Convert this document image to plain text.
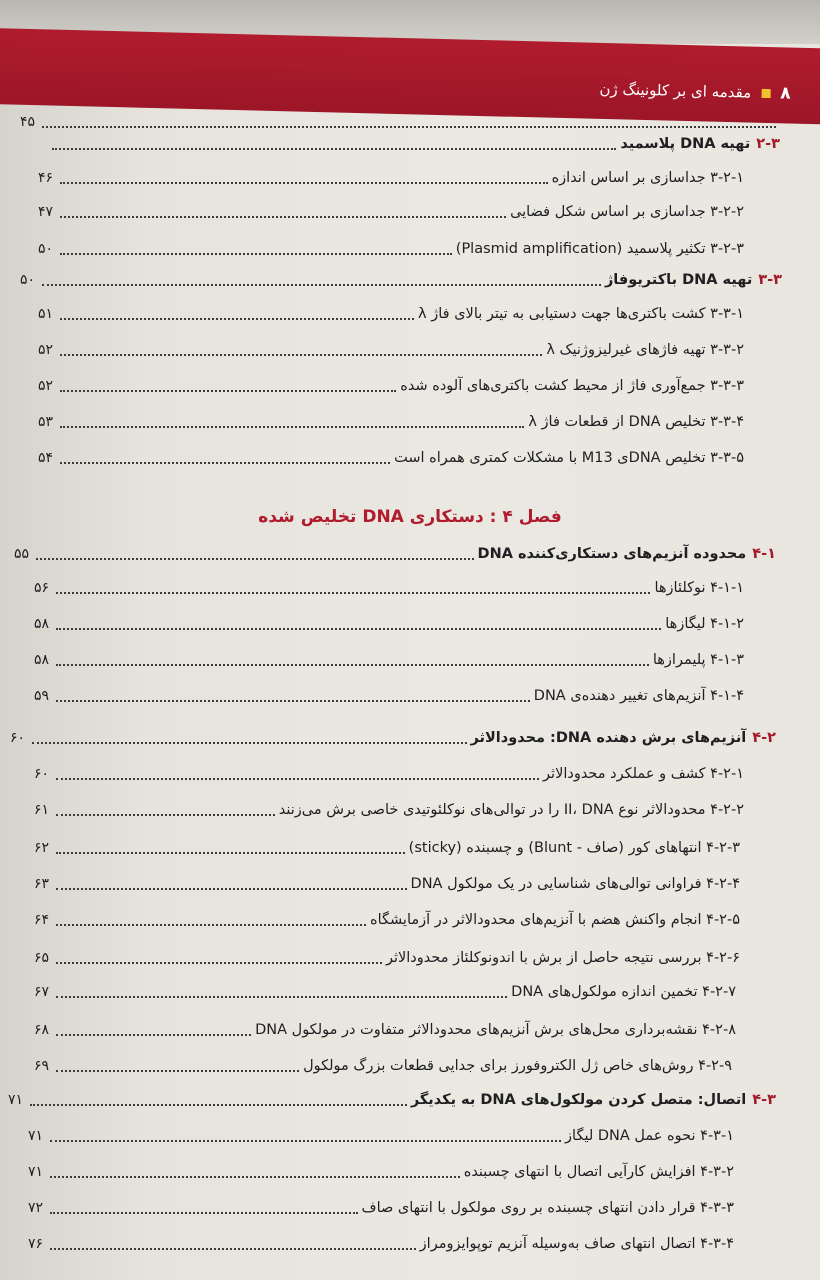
۸
مقدمه ای بر کلونینگ ژن
فصل ۴ : دستکاری DNA تخلیص شده
۴۵
۲-۳تهیه DNA پلاسمید
۳-۲-۱ جداسازی بر اساس اندازه
۴۶
۳-۲-۲ جداسازی بر اساس شکل فضایی
۴۷
۳-۲-۳ تکثیر پلاسمید (Plasmid amplification)
۵۰
۳-۳تهیه DNA باکتریوفاژ
۵۰
۳-۳-۱ کشت باکتری‌ها جهت دستیابی به تیتر بالای فاژ λ
۵۱
۳-۳-۲ تهیه فاژهای غیرلیزوژنیک λ
۵۲
۳-۳-۳ جمع‌آوری فاژ از محیط کشت باکتری‌های آلوده شده
۵۲
۳-۳-۴ تخلیص DNA از قطعات فاژ λ
۵۳
۳-۳-۵ تخلیص DNAی M13 با مشکلات کمتری همراه است
۵۴
۴-۱محدوده آنزیم‌های دستکاری‌کننده DNA
۵۵
۴-۱-۱ نوکلئازها
۵۶
۴-۱-۲ لیگازها
۵۸
۴-۱-۳ پلیمرازها
۵۸
۴-۱-۴ آنزیم‌های تغییر دهنده‌ی DNA
۵۹
۴-۲آنزیم‌های برش دهنده DNA: محدودالاثر
۶۰
۴-۲-۱ کشف و عملکرد محدودالاثر
۶۰
۴-۲-۲ محدودالاثر نوع II، DNA را در توالی‌های نوکلئوتیدی خاصی برش می‌زنند
۶۱
۴-۲-۳ انتهاهای کور (صاف - Blunt) و چسبنده (sticky)
۶۲
۴-۲-۴ فراوانی توالی‌های شناسایی در یک مولکول DNA
۶۳
۴-۲-۵ انجام واکنش هضم با آنزیم‌های محدودالاثر در آزمایشگاه
۶۴
۴-۲-۶ بررسی نتیجه حاصل از برش با اندونوکلئاز محدودالاثر
۶۵
۴-۲-۷ تخمین اندازه مولکول‌های DNA
۶۷
۴-۲-۸ نقشه‌برداری محل‌های برش آنزیم‌های محدودالاثر متفاوت در مولکول DNA
۶۸
۴-۲-۹ روش‌های خاص ژل الکتروفورز برای جدایی قطعات بزرگ مولکول
۶۹
۴-۳اتصال: متصل کردن مولکول‌های DNA به یکدیگر
۷۱
۴-۳-۱ نحوه عمل DNA لیگاز
۷۱
۴-۳-۲ افزایش کارآیی اتصال با انتهای چسبنده
۷۱
۴-۳-۳ قرار دادن انتهای چسبنده بر روی مولکول با انتهای صاف
۷۲
۴-۳-۴ اتصال انتهای صاف به‌وسیله آنزیم توپوایزومراز
۷۶
